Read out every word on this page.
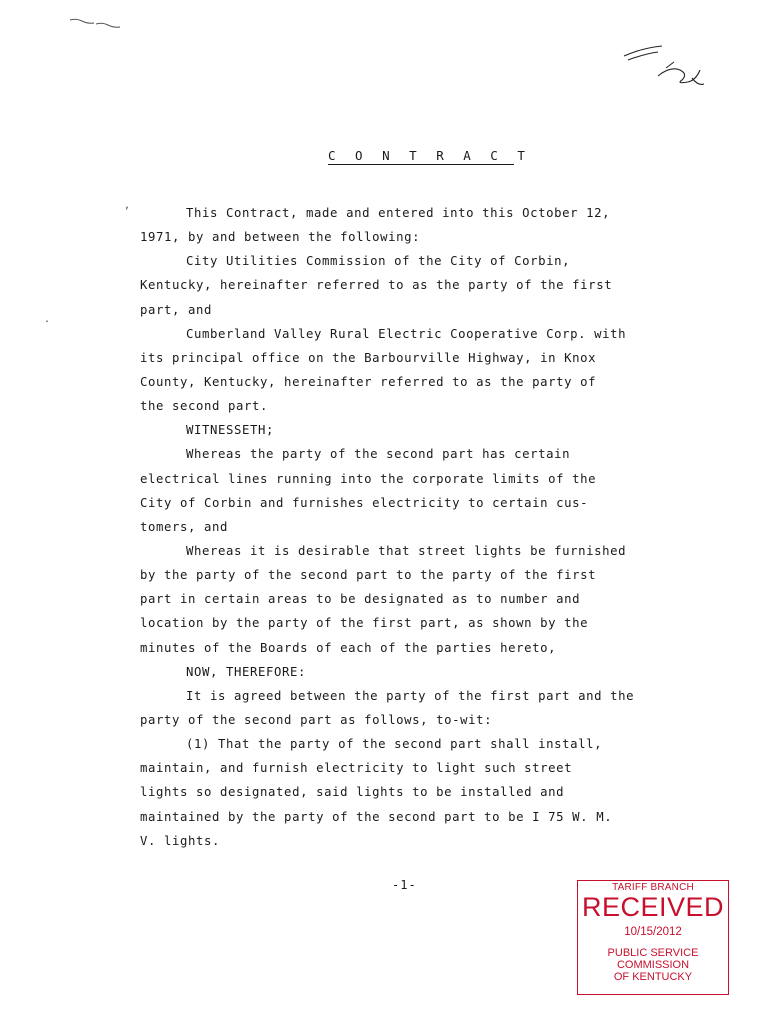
,
.
C O N T R A C T
This Contract, made and entered into this October 12,
1971, by and between the following:
City Utilities Commission of the City of Corbin,
Kentucky, hereinafter referred to as the party of the first
part, and
Cumberland Valley Rural Electric Cooperative Corp. with
its principal office on the Barbourville Highway, in Knox
County, Kentucky, hereinafter referred to as the party of
the second part.
WITNESSETH;
Whereas the party of the second part has certain
electrical lines running into the corporate limits of the
City of Corbin and furnishes electricity to certain cus-
tomers, and
Whereas it is desirable that street lights be furnished
by the party of the second part to the party of the first
part in certain areas to be designated as to number and
location by the party of the first part, as shown by the
minutes of the Boards of each of the parties hereto,
NOW, THEREFORE:
It is agreed between the party of the first part and the
party of the second part as follows, to-wit:
(1) That the party of the second part shall install,
maintain, and furnish electricity to light such street
lights so designated, said lights to be installed and
maintained by the party of the second part to be I 75 W. M.
V. lights.
-1-	TARIFF BRANCH
RECEIVED
10/15/2012
PUBLIC SERVICE
COMMISSION
OF KENTUCKY
